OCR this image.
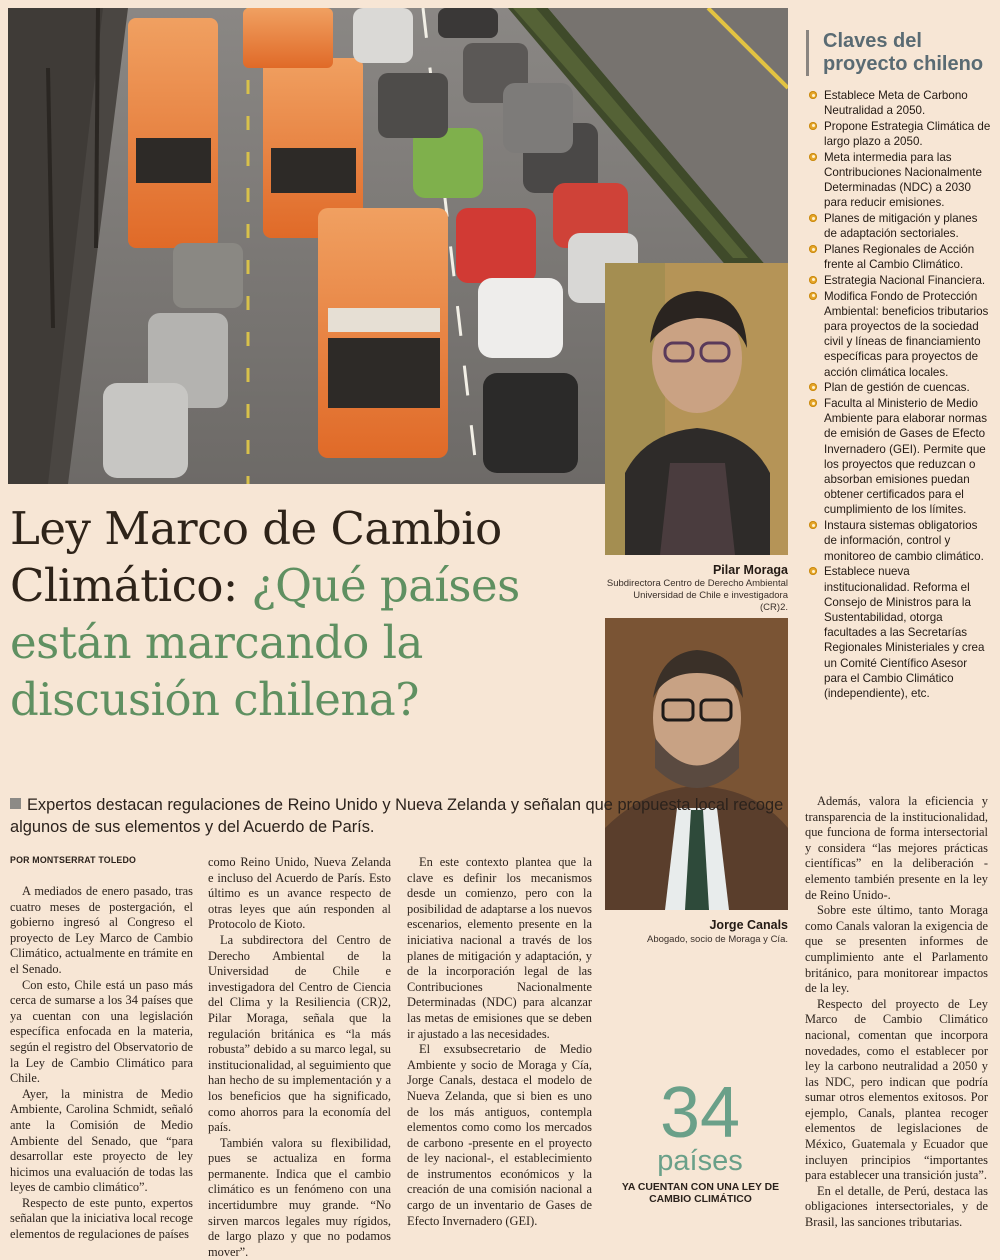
Claves del proyecto chileno
Establece Meta de Carbono Neutralidad a 2050.
Propone Estrategia Climática de largo plazo a 2050.
Meta intermedia para las Contribuciones Nacionalmente Determinadas (NDC) a 2030 para reducir emisiones.
Planes de mitigación y planes de adaptación sectoriales.
Planes Regionales de Acción frente al Cambio Climático.
Estrategia Nacional Financiera.
Modifica Fondo de Protección Ambiental: beneficios tributarios para proyectos de la sociedad civil y líneas de financiamiento específicas para proyectos de acción climática locales.
Plan de gestión de cuencas.
Faculta al Ministerio de Medio Ambiente para elaborar normas de emisión de Gases de Efecto Invernadero (GEI). Permite que los proyectos que reduzcan o absorban emisiones puedan obtener certificados para el cumplimiento de los límites.
Instaura sistemas obligatorios de información, control y monitoreo de cambio climático.
Establece nueva institucionalidad. Reforma el Consejo de Ministros para la Sustentabilidad, otorga facultades a las Secretarías Regionales Ministeriales y crea un Comité Científico Asesor para el Cambio Climático (independiente), etc.
Pilar Moraga
Subdirectora Centro de Derecho Ambiental Universidad de Chile e investigadora (CR)2.
Jorge Canals
Abogado, socio de Moraga y Cía.
Ley Marco de Cambio Climático: ¿Qué países están marcando la discusión chilena?
Expertos destacan regulaciones de Reino Unido y Nueva Zelanda y señalan que propuesta local recoge algunos de sus elementos y del Acuerdo de París.
POR MONTSERRAT TOLEDO

A mediados de enero pasado, tras cuatro meses de postergación, el gobierno ingresó al Congreso el proyecto de Ley Marco de Cambio Climático, actualmente en trámite en el Senado.

Con esto, Chile está un paso más cerca de sumarse a los 34 países que ya cuentan con una legislación específica enfocada en la materia, según el registro del Observatorio de la Ley de Cambio Climático para Chile.

Ayer, la ministra de Medio Ambiente, Carolina Schmidt, señaló ante la Comisión de Medio Ambiente del Senado, que “para desarrollar este proyecto de ley hicimos una evaluación de todas las leyes de cambio climático”.

Respecto de este punto, expertos señalan que la iniciativa local recoge elementos de regulaciones de países

como Reino Unido, Nueva Zelanda e incluso del Acuerdo de París. Esto último es un avance respecto de otras leyes que aún responden al Protocolo de Kioto.

La subdirectora del Centro de Derecho Ambiental de la Universidad de Chile e investigadora del Centro de Ciencia del Clima y la Resiliencia (CR)2, Pilar Moraga, señala que la regulación británica es “la más robusta” debido a su marco legal, su institucionalidad, al seguimiento que han hecho de su implementación y a los beneficios que ha significado, como ahorros para la economía del país.

También valora su flexibilidad, pues se actualiza en forma permanente. Indica que el cambio climático es un fenómeno con una incertidumbre muy grande. “No sirven marcos legales muy rígidos, de largo plazo y que no podamos mover”.

En este contexto plantea que la clave es definir los mecanismos desde un comienzo, pero con la posibilidad de adaptarse a los nuevos escenarios, elemento presente en la iniciativa nacional a través de los planes de mitigación y adaptación, y de la incorporación legal de las Contribuciones Nacionalmente Determinadas (NDC) para alcanzar las metas de emisiones que se deben ir ajustado a las necesidades.

El exsubsecretario de Medio Ambiente y socio de Moraga y Cía, Jorge Canals, destaca el modelo de Nueva Zelanda, que si bien es uno de los más antiguos, contempla elementos como como los mercados de carbono -presente en el proyecto de ley nacional-, el establecimiento de instrumentos económicos y la creación de una comisión nacional a cargo de un inventario de Gases de Efecto Invernadero (GEI).

Además, valora la eficiencia y transparencia de la institucionalidad, que funciona de forma intersectorial y considera “las mejores prácticas científicas” en la deliberación -elemento también presente en la ley de Reino Unido-.

Sobre este último, tanto Moraga como Canals valoran la exigencia de que se presenten informes de cumplimiento ante el Parlamento británico, para monitorear impactos de la ley.

Respecto del proyecto de Ley Marco de Cambio Climático nacional, comentan que incorpora novedades, como el establecer por ley la carbono neutralidad a 2050 y las NDC, pero indican que podría sumar otros elementos exitosos. Por ejemplo, Canals, plantea recoger elementos de legislaciones de México, Guatemala y Ecuador que incluyen principios “importantes para establecer una transición justa”.

En el detalle, de Perú, destaca las obligaciones intersectoriales, y de Brasil, las sanciones tributarias.

34
países
YA CUENTAN CON UNA LEY DE CAMBIO CLIMÁTICO
